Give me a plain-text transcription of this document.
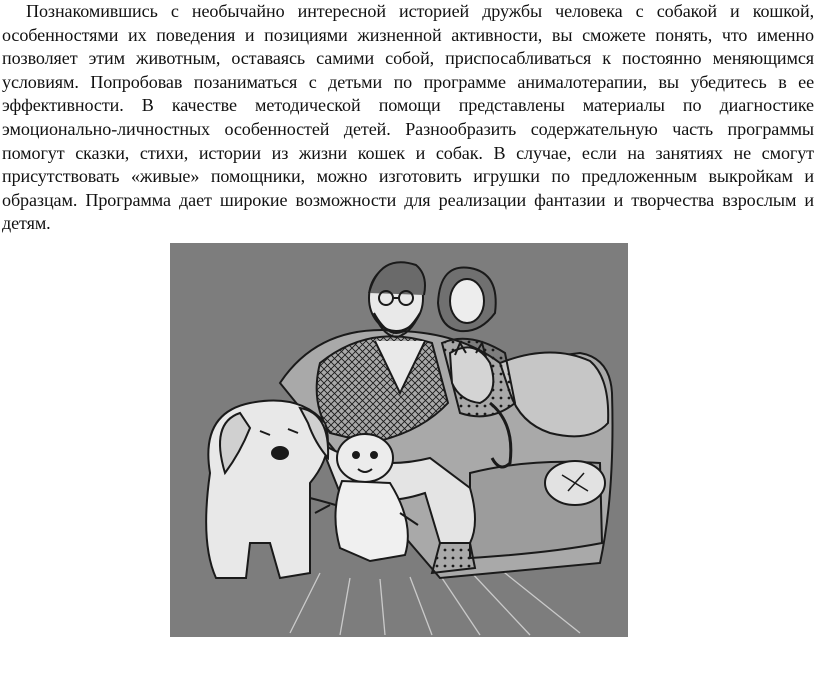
Познакомившись с необычайно интересной историей дружбы человека с собакой и кошкой, особенностями их поведения и позициями жизненной активности, вы сможете понять, что именно позволяет этим животным, оставаясь самими собой, приспосабливаться к постоянно меняющимся условиям. Попробовав позаниматься с детьми по программе анималотерапии, вы убедитесь в ее эффективности. В качестве методической помощи представлены материалы по диагностике эмоционально-личностных особенностей детей. Разнообразить содержательную часть программы помогут сказки, стихи, истории из жизни кошек и собак. В случае, если на занятиях не смогут присутствовать «живые» помощники, можно изготовить игрушки по предложенным выкройкам и образцам. Программа дает широкие возможности для реализации фантазии и творчества взрослым и детям.
